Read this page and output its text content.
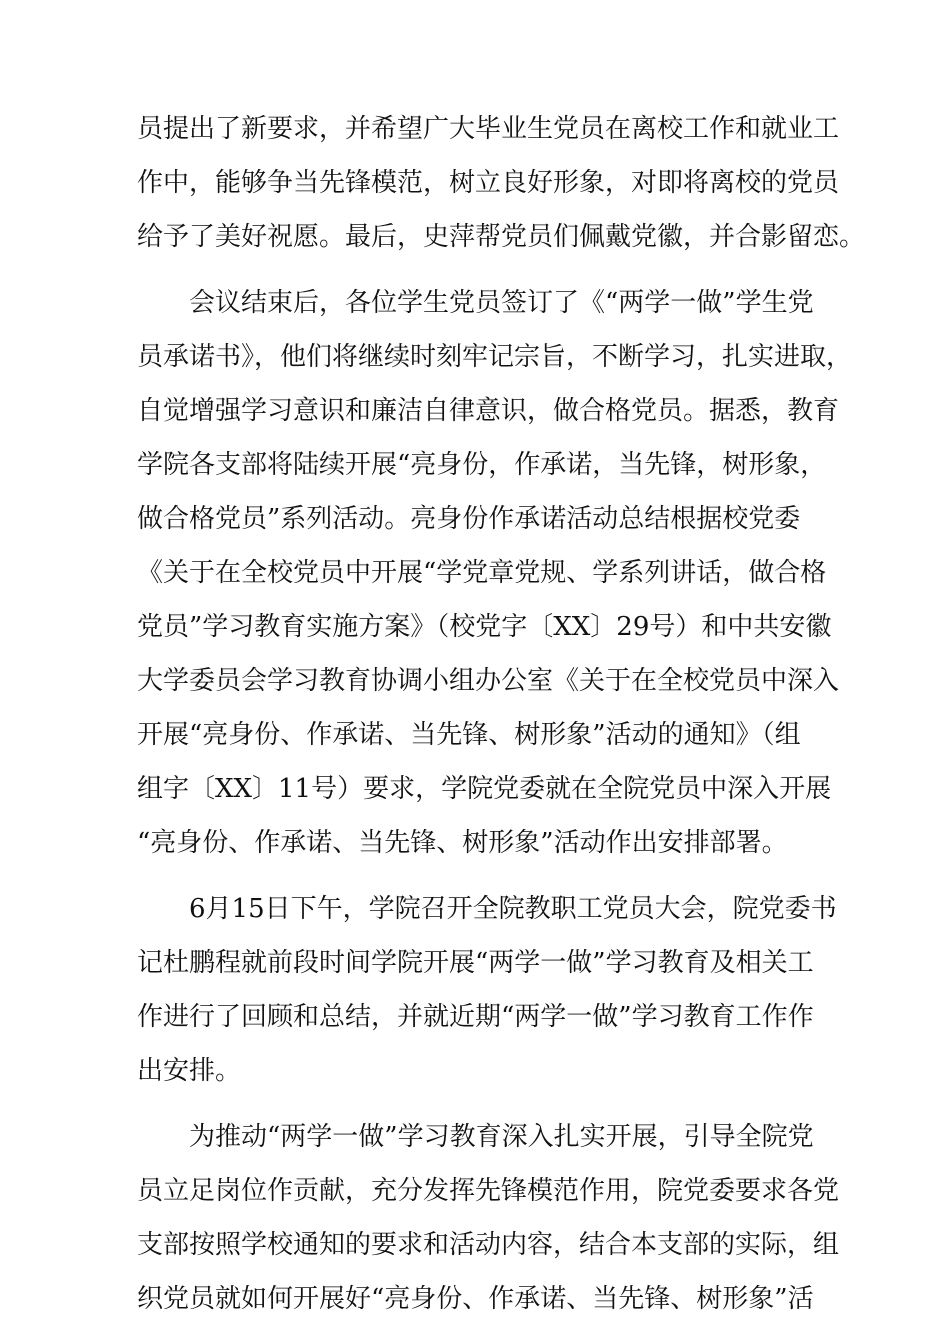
员提出了新要求，并希望广大毕业生党员在离校工作和就业工
作中，能够争当先锋模范，树立良好形象，对即将离校的党员
给予了美好祝愿。最后，史萍帮党员们佩戴党徽，并合影留恋。
　　会议结束后，各位学生党员签订了《“两学一做”学生党
员承诺书》，他们将继续时刻牢记宗旨，不断学习，扎实进取，
自觉增强学习意识和廉洁自律意识，做合格党员。据悉，教育
学院各支部将陆续开展“亮身份，作承诺，当先锋，树形象，
做合格党员”系列活动。亮身份作承诺活动总结根据校党委
《关于在全校党员中开展“学党章党规、学系列讲话，做合格
党员”学习教育实施方案》（校党字〔XX〕29号）和中共安徽
大学委员会学习教育协调小组办公室《关于在全校党员中深入
开展“亮身份、作承诺、当先锋、树形象”活动的通知》（组
组字〔XX〕11号）要求，学院党委就在全院党员中深入开展
“亮身份、作承诺、当先锋、树形象”活动作出安排部署。
　　6月15日下午，学院召开全院教职工党员大会，院党委书
记杜鹏程就前段时间学院开展“两学一做”学习教育及相关工
作进行了回顾和总结，并就近期“两学一做”学习教育工作作
出安排。
　　为推动“两学一做”学习教育深入扎实开展，引导全院党
员立足岗位作贡献，充分发挥先锋模范作用，院党委要求各党
支部按照学校通知的要求和活动内容，结合本支部的实际，组
织党员就如何开展好“亮身份、作承诺、当先锋、树形象”活
